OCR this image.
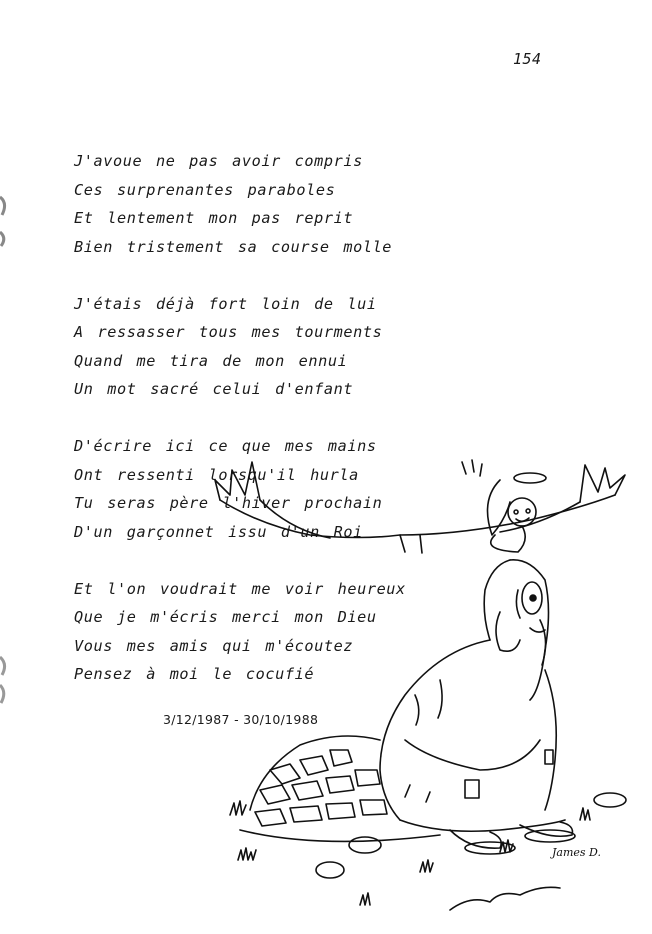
154
J'avoue ne pas avoir compris
Ces surprenantes paraboles
Et lentement mon pas reprit
Bien tristement sa course molle
J'étais déjà fort loin de lui
A ressasser tous mes tourments
Quand me tira de mon ennui
Un mot sacré celui d'enfant
D'écrire ici ce que mes mains
Ont ressenti lorsqu'il hurla
Tu seras père l'hiver prochain
D'un garçonnet issu d'un Roi
Et l'on voudrait me voir heureux
Que je m'écris merci mon Dieu
Vous mes amis qui m'écoutez
Pensez à moi le cocufié
3/12/1987 - 30/10/1988
James D.
